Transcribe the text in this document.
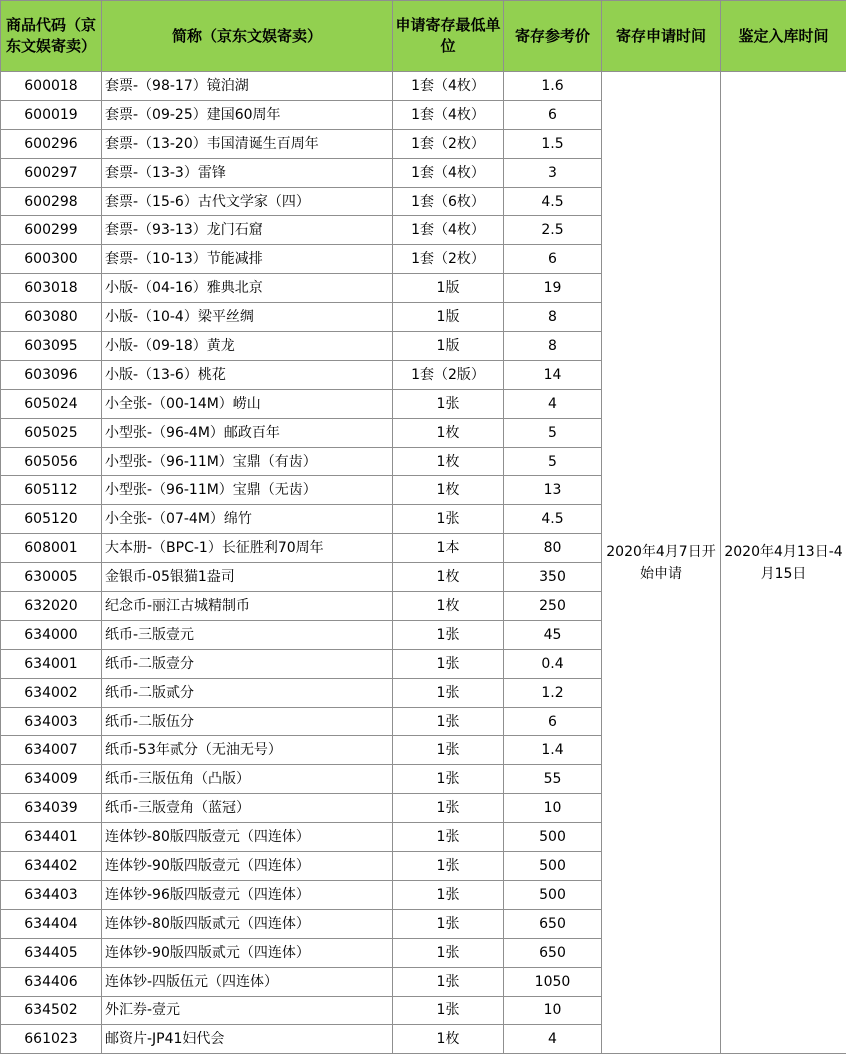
商品代码（京东文娱寄卖）	简称（京东文娱寄卖）	申请寄存最低单位	寄存参考价	寄存申请时间	鉴定入库时间
600018	套票-（98-17）镜泊湖	1套（4枚）	1.6	2020年4月7日开始申请	2020年4月13日-4月15日
600019	套票-（09-25）建国60周年	1套（4枚）	6		
600296	套票-（13-20）韦国清诞生百周年	1套（2枚）	1.5		
600297	套票-（13-3）雷锋	1套（4枚）	3		
600298	套票-（15-6）古代文学家（四）	1套（6枚）	4.5		
600299	套票-（93-13）龙门石窟	1套（4枚）	2.5		
600300	套票-（10-13）节能减排	1套（2枚）	6		
603018	小版-（04-16）雅典北京	1版	19		
603080	小版-（10-4）梁平丝绸	1版	8		
603095	小版-（09-18）黄龙	1版	8		
603096	小版-（13-6）桃花	1套（2版）	14		
605024	小全张-（00-14M）崂山	1张	4		
605025	小型张-（96-4M）邮政百年	1枚	5		
605056	小型张-（96-11M）宝鼎（有齿）	1枚	5		
605112	小型张-（96-11M）宝鼎（无齿）	1枚	13		
605120	小全张-（07-4M）绵竹	1张	4.5		
608001	大本册-（BPC-1）长征胜利70周年	1本	80		
630005	金银币-05银猫1盎司	1枚	350		
632020	纪念币-丽江古城精制币	1枚	250		
634000	纸币-三版壹元	1张	45		
634001	纸币-二版壹分	1张	0.4		
634002	纸币-二版贰分	1张	1.2		
634003	纸币-二版伍分	1张	6		
634007	纸币-53年贰分（无油无号）	1张	1.4		
634009	纸币-三版伍角（凸版）	1张	55		
634039	纸币-三版壹角（蓝冠）	1张	10		
634401	连体钞-80版四版壹元（四连体）	1张	500		
634402	连体钞-90版四版壹元（四连体）	1张	500		
634403	连体钞-96版四版壹元（四连体）	1张	500		
634404	连体钞-80版四版贰元（四连体）	1张	650		
634405	连体钞-90版四版贰元（四连体）	1张	650		
634406	连体钞-四版伍元（四连体）	1张	1050		
634502	外汇券-壹元	1张	10		
661023	邮资片-JP41妇代会	1枚	4		
